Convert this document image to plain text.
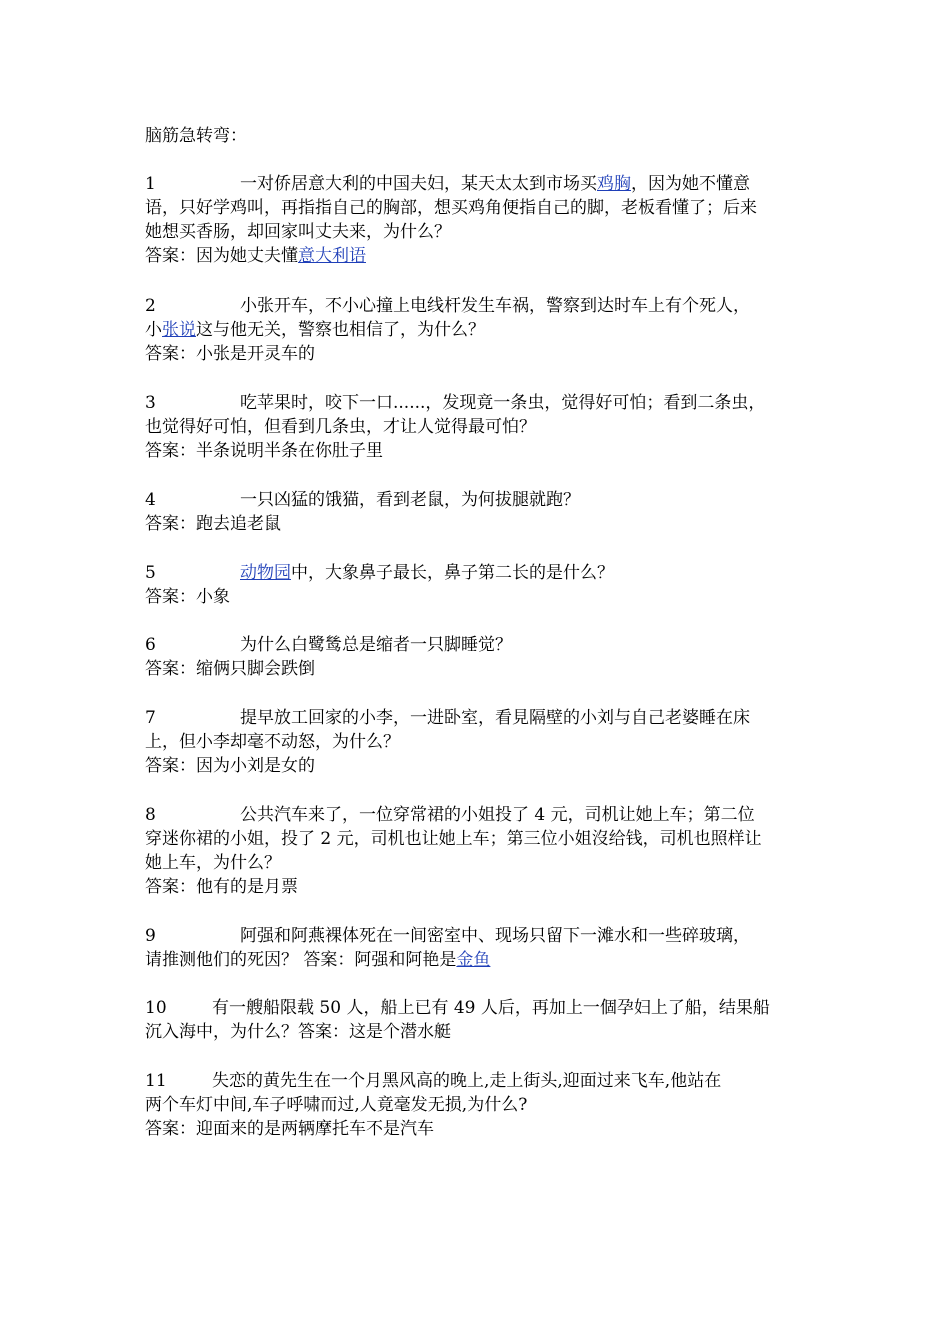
脑筋急转弯：
1	一对侨居意大利的中国夫妇，某天太太到市场买鸡胸，因为她不懂意
语，只好学鸡叫，再指指自己的胸部，想买鸡角便指自己的脚，老板看懂了；后来
她想买香肠，却回家叫丈夫来，为什么？
答案：因为她丈夫懂意大利语
2	小张开车，不小心撞上电线杆发生车祸，警察到达时车上有个死人，
小张说这与他无关，警察也相信了，为什么？
答案：小张是开灵车的
3	吃苹果时，咬下一口......，发现竟一条虫，觉得好可怕；看到二条虫，
也觉得好可怕，但看到几条虫，才让人觉得最可怕？
答案：半条说明半条在你肚子里
4	一只凶猛的饿猫，看到老鼠，为何拔腿就跑？
答案：跑去追老鼠
5	动物园中，大象鼻子最长，鼻子第二长的是什么？
答案：小象
6	为什么白鹭鸶总是缩者一只脚睡觉？
答案：缩俩只脚会跌倒
7	提早放工回家的小李，一进卧室，看見隔壁的小刘与自己老婆睡在床
上，但小李却毫不动怒，为什么？
答案：因为小刘是女的
8	公共汽车来了，一位穿常裙的小姐投了 4 元，司机让她上车；第二位
穿迷你裙的小姐，投了 2 元，司机也让她上车；第三位小姐沒给钱，司机也照样让
她上车，为什么？
答案：他有的是月票
9	阿强和阿燕裸体死在一间密室中、现场只留下一滩水和一些碎玻璃，
请推测他们的死因？ 答案：阿强和阿艳是金鱼
10	有一艘船限载 50 人，船上已有 49 人后，再加上一個孕妇上了船，结果船
沉入海中，为什么？答案：这是个潜水艇
11	失恋的黄先生在一个月黑风高的晚上,走上街头,迎面过来飞车,他站在
两个车灯中间,车子呼啸而过,人竟毫发无损,为什么?
答案：迎面来的是两辆摩托车不是汽车
